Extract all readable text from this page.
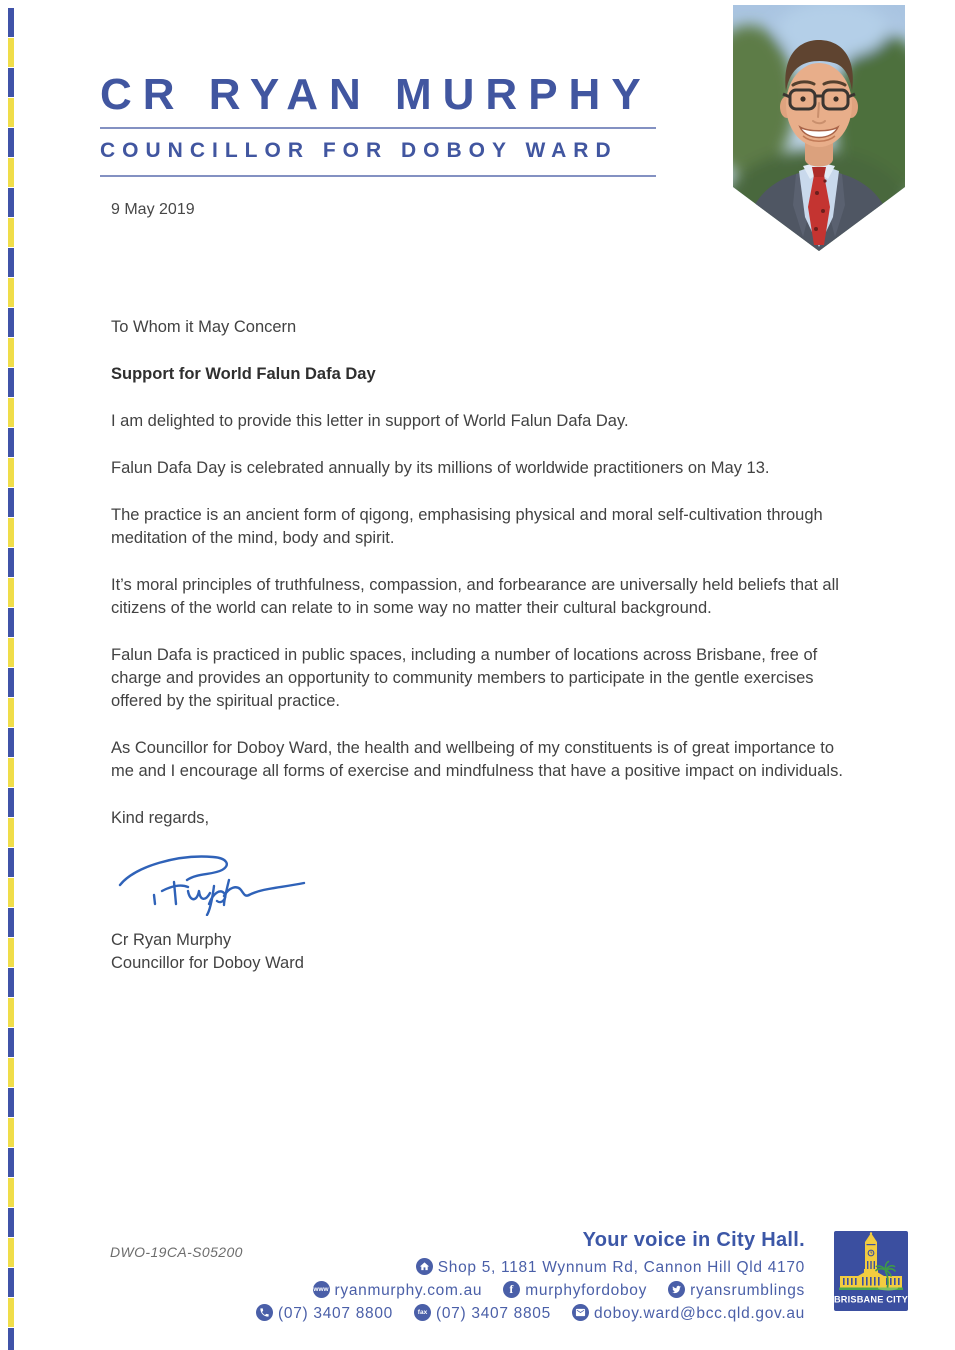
CR RYAN MURPHY
COUNCILLOR FOR DOBOY WARD
9 May 2019

To Whom it May Concern

Support for World Falun Dafa Day

I am delighted to provide this letter in support of World Falun Dafa Day.

Falun Dafa Day is celebrated annually by its millions of worldwide practitioners on May 13.

The practice is an ancient form of qigong, emphasising physical and moral self-cultivation through meditation of the mind, body and spirit.

It’s moral principles of truthfulness, compassion, and forbearance are universally held beliefs that all citizens of the world can relate to in some way no matter their cultural background.

Falun Dafa is practiced in public spaces, including a number of locations across Brisbane, free of charge and provides an opportunity to community members to participate in the gentle exercises offered by the spiritual practice.

As Councillor for Doboy Ward, the health and wellbeing of my constituents is of great importance to me and I encourage all forms of exercise and mindfulness that have a positive impact on individuals.

Kind regards,

Cr Ryan Murphy
Councillor for Doboy Ward
DWO-19CA-S05200
Your voice in City Hall.
Shop 5, 1181 Wynnum Rd, Cannon Hill Qld 4170
www ryanmurphy.com.au	f murphyfordoboy	ryansrumblings
(07) 3407 8800	fax (07) 3407 8805	doboy.ward@bcc.qld.gov.au
BRISBANE CITY
